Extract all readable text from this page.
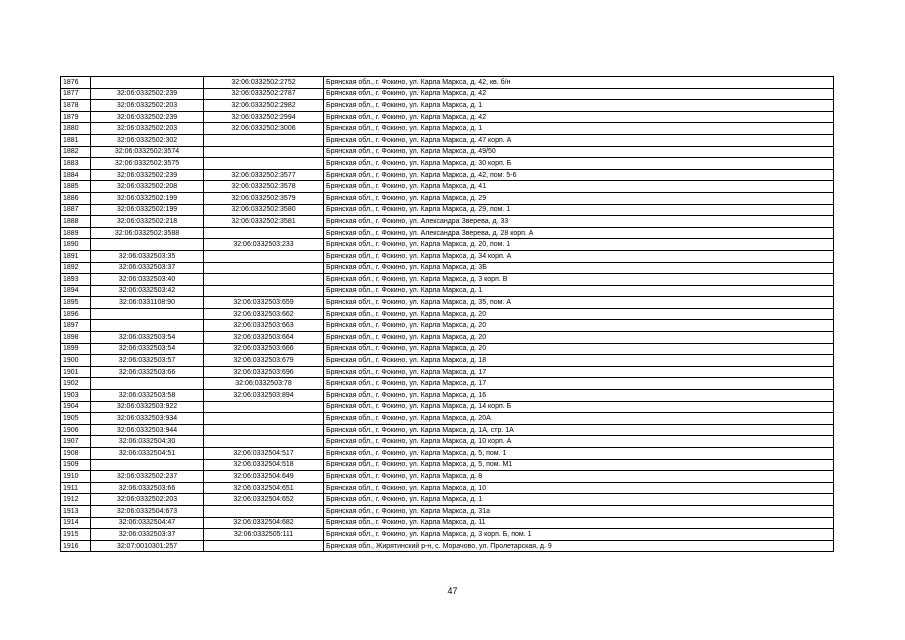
1876		32:06:0332502:2752	Брянская обл., г. Фокино, ул. Карла Маркса, д. 42, кв. б/н
1877	32:06:0332502:239	32:06:0332502:2787	Брянская обл., г. Фокино, ул. Карла Маркса, д. 42
1878	32:06:0332502:203	32:06:0332502:2982	Брянская обл., г. Фокино, ул. Карла Маркса, д. 1
1879	32:06:0332502:239	32:06:0332502:2994	Брянская обл., г. Фокино, ул. Карла Маркса, д. 42
1880	32:06:0332502:203	32:06:0332502:3006	Брянская обл., г. Фокино, ул. Карла Маркса, д. 1
1881	32:06:0332502:302		Брянская обл., г. Фокино, ул. Карла Маркса, д. 47 корп. А
1882	32:06:0332502:3574		Брянская обл., г. Фокино, ул. Карла Маркса, д. 49/50
1883	32:06:0332502:3575		Брянская обл., г. Фокино, ул. Карла Маркса, д. 30 корп. Б
1884	32:06:0332502:239	32:06:0332502:3577	Брянская обл., г. Фокино, ул. Карла Маркса, д. 42, пом. 5-6
1885	32:06:0332502:208	32:06:0332502:3578	Брянская обл., г. Фокино, ул. Карла Маркса, д. 41
1886	32:06:0332502:199	32:06:0332502:3579	Брянская обл., г. Фокино, ул. Карла Маркса, д. 29
1887	32:06:0332502:199	32:06:0332502:3580	Брянская обл., г. Фокино, ул. Карла Маркса, д. 29, пом. 1
1888	32:06:0332502:218	32:06:0332502:3581	Брянская обл., г. Фокино, ул. Александра Зверева, д. 33
1889	32:06:0332502:3588		Брянская обл., г. Фокино, ул. Александра Зверева, д. 28 корп. А
1890		32:06:0332503:233	Брянская обл., г. Фокино, ул. Карла Маркса, д. 20, пом. 1
1891	32:06:0332503:35		Брянская обл., г. Фокино, ул. Карла Маркса, д. 34 корп. А
1892	32:06:0332503:37		Брянская обл., г. Фокино, ул. Карла Маркса, д. 3Б
1893	32:06:0332503:40		Брянская обл., г. Фокино, ул. Карла Маркса, д. 3 корп. В
1894	32:06:0332503:42		Брянская обл., г. Фокино, ул. Карла Маркса, д. 1
1895	32:06:0331108:90	32:06:0332503:659	Брянская обл., г. Фокино, ул. Карла Маркса, д. 35, пом. А
1896		32:06:0332503:662	Брянская обл., г. Фокино, ул. Карла Маркса, д. 20
1897		32:06:0332503:663	Брянская обл., г. Фокино, ул. Карла Маркса, д. 20
1898	32:06:0332503:54	32:06:0332503:664	Брянская обл., г. Фокино, ул. Карла Маркса, д. 20
1899	32:06:0332503:54	32:06:0332503:666	Брянская обл., г. Фокино, ул. Карла Маркса, д. 20
1900	32:06:0332503:57	32:06:0332503:679	Брянская обл., г. Фокино, ул. Карла Маркса, д. 18
1901	32:06:0332503:66	32:06:0332503:696	Брянская обл., г. Фокино, ул. Карла Маркса, д. 17
1902		32:06:0332503:78	Брянская обл., г. Фокино, ул. Карла Маркса, д. 17
1903	32:06:0332503:58	32:06:0332503:894	Брянская обл., г. Фокино, ул. Карла Маркса, д. 16
1904	32:06:0332503:922		Брянская обл., г. Фокино, ул. Карла Маркса, д. 14 корп. Б
1905	32:06:0332503:934		Брянская обл., г. Фокино, ул. Карла Маркса, д. 20А
1906	32:06:0332503:944		Брянская обл., г. Фокино, ул. Карла Маркса, д. 1А, стр. 1А
1907	32:06:0332504:30		Брянская обл., г. Фокино, ул. Карла Маркса, д. 10 корп. А
1908	32:06:0332504:51	32:06:0332504:517	Брянская обл., г. Фокино, ул. Карла Маркса, д. 5, пом. 1
1909		32:06:0332504:518	Брянская обл., г. Фокино, ул. Карла Маркса, д. 5, пом. М1
1910	32:06:0332502:237	32:06:0332504:649	Брянская обл., г. Фокино, ул. Карла Маркса, д. 8
1911	32:06:0332503:66	32:06:0332504:651	Брянская обл., г. Фокино, ул. Карла Маркса, д. 10
1912	32:06:0332502:203	32:06:0332504:652	Брянская обл., г. Фокино, ул. Карла Маркса, д. 1
1913	32:06:0332504:673		Брянская обл., г. Фокино, ул. Карла Маркса, д. 31а
1914	32:06:0332504:47	32:06:0332504:682	Брянская обл., г. Фокино, ул. Карла Маркса, д. 11
1915	32:06:0332503:37	32:06:0332505:111	Брянская обл., г. Фокино, ул. Карла Маркса, д. 3 корп. Б, пом. 1
1916	32:07:0010301:257		Брянская обл., Жирятинский р-н, с. Морачово, ул. Пролетарская, д. 9
47
